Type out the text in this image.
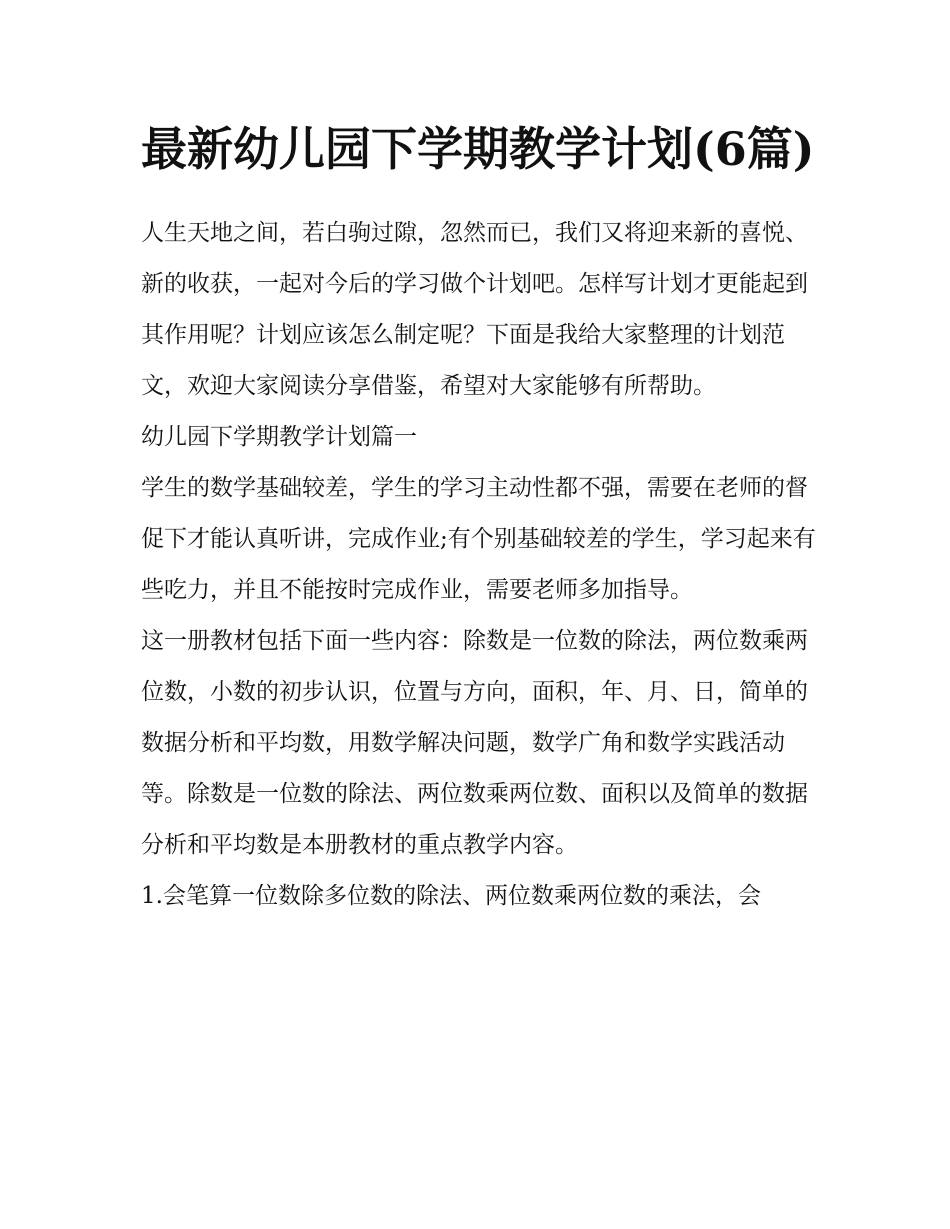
最新幼儿园下学期教学计划(6篇)

人生天地之间，若白驹过隙，忽然而已，我们又将迎来新的喜悦、新的收获，一起对今后的学习做个计划吧。怎样写计划才更能起到其作用呢？计划应该怎么制定呢？下面是我给大家整理的计划范文，欢迎大家阅读分享借鉴，希望对大家能够有所帮助。

幼儿园下学期教学计划篇一

学生的数学基础较差，学生的学习主动性都不强，需要在老师的督促下才能认真听讲，完成作业;有个别基础较差的学生，学习起来有些吃力，并且不能按时完成作业，需要老师多加指导。

这一册教材包括下面一些内容：除数是一位数的除法，两位数乘两位数，小数的初步认识，位置与方向，面积，年、月、日，简单的数据分析和平均数，用数学解决问题，数学广角和数学实践活动等。除数是一位数的除法、两位数乘两位数、面积以及简单的数据分析和平均数是本册教材的重点教学内容。

1.会笔算一位数除多位数的除法、两位数乘两位数的乘法，会
